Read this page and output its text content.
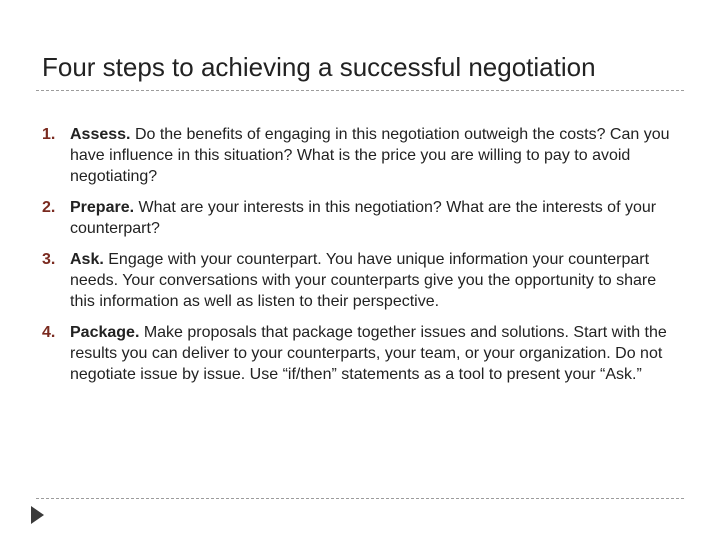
Four steps to achieving a successful negotiation
1. Assess. Do the benefits of engaging in this negotiation outweigh the costs? Can you have influence in this situation? What is the price you are willing to pay to avoid negotiating?
2. Prepare. What are your interests in this negotiation? What are the interests of your counterpart?
3. Ask. Engage with your counterpart. You have unique information your counterpart needs. Your conversations with your counterparts give you the opportunity to share this information as well as listen to their perspective.
4. Package. Make proposals that package together issues and solutions. Start with the results you can deliver to your counterparts, your team, or your organization. Do not negotiate issue by issue. Use “if/then” statements as a tool to present your “Ask.”
